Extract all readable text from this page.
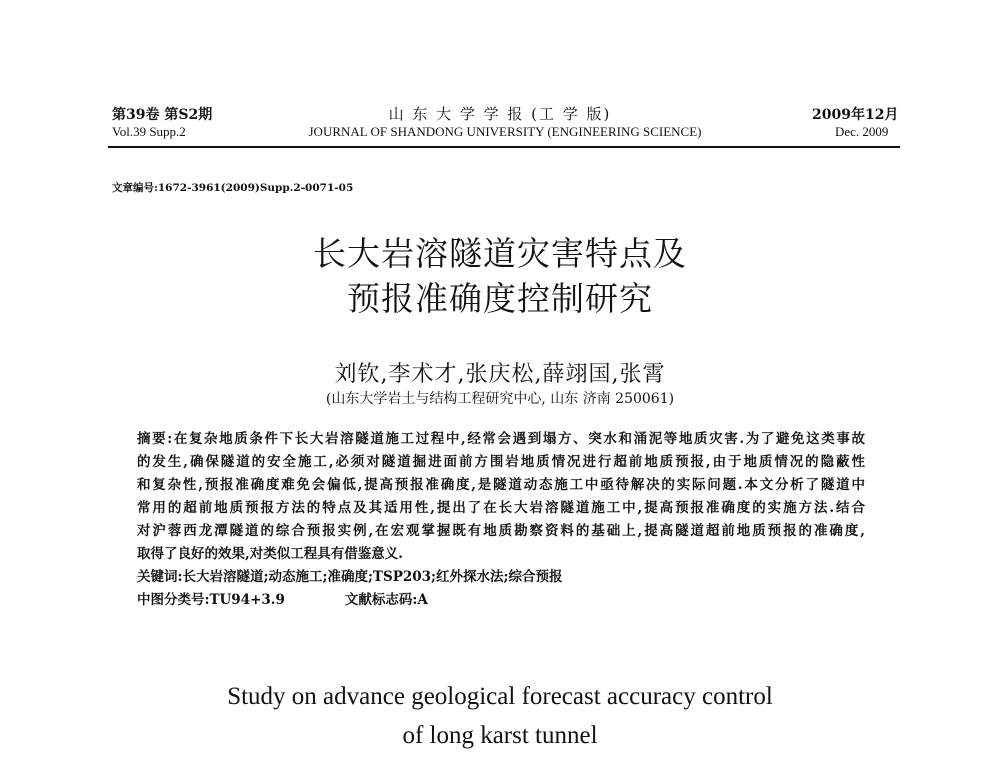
第39卷 第S2期
Vol.39 Supp.2
山 东 大 学 学 报 (工 学 版)
JOURNAL OF SHANDONG UNIVERSITY (ENGINEERING SCIENCE)
2009年12月
Dec. 2009
文章编号:1672-3961(2009)Supp.2-0071-05
长大岩溶隧道灾害特点及
预报准确度控制研究
刘钦,李术才,张庆松,薛翊国,张霄
(山东大学岩土与结构工程研究中心, 山东 济南 250061)
摘要:在复杂地质条件下长大岩溶隧道施工过程中,经常会遇到塌方、突水和涌泥等地质灾害.为了避免这类事故
的发生,确保隧道的安全施工,必须对隧道掘进面前方围岩地质情况进行超前地质预报,由于地质情况的隐蔽性
和复杂性,预报准确度难免会偏低,提高预报准确度,是隧道动态施工中亟待解决的实际问题.本文分析了隧道中
常用的超前地质预报方法的特点及其适用性,提出了在长大岩溶隧道施工中,提高预报准确度的实施方法.结合
对沪蓉西龙潭隧道的综合预报实例,在宏观掌握既有地质勘察资料的基础上,提高隧道超前地质预报的准确度,
取得了良好的效果,对类似工程具有借鉴意义.
关键词:长大岩溶隧道;动态施工;准确度;TSP203;红外探水法;综合预报
中图分类号:TU94+3.9	文献标志码:A
Study on advance geological forecast accuracy control
of long karst tunnel
